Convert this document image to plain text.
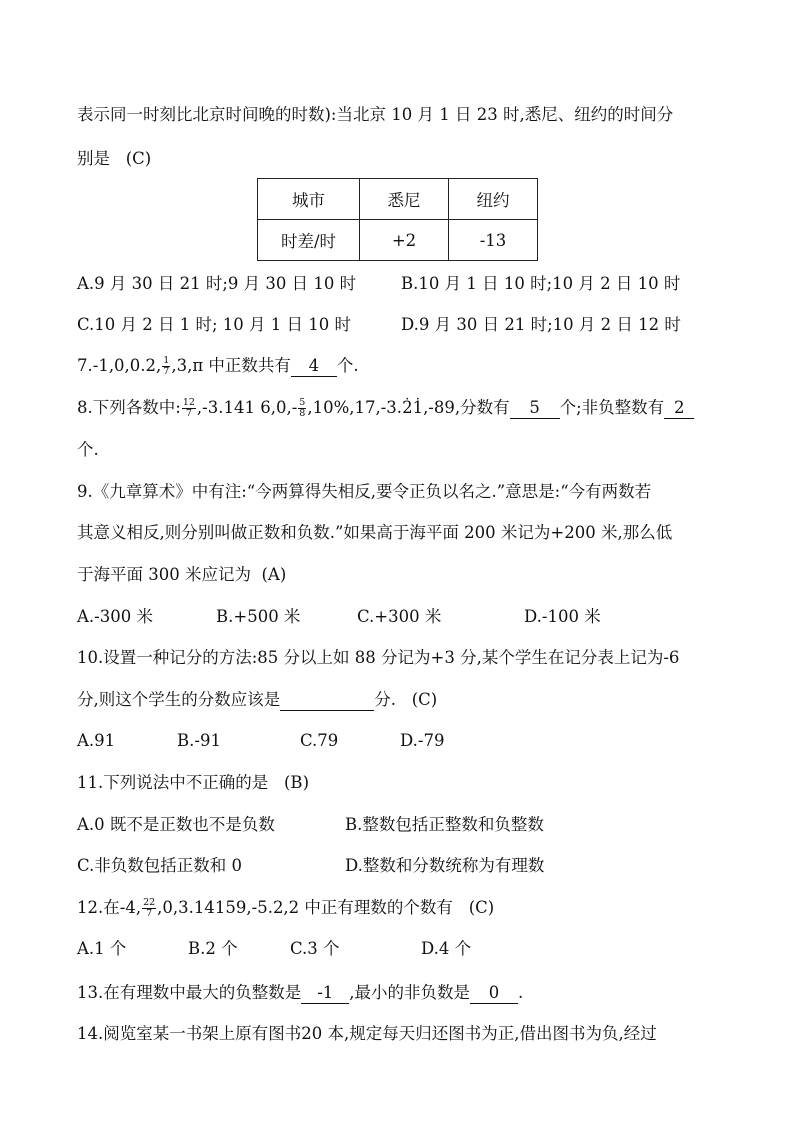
表示同一时刻比北京时间晚的时数):当北京 10 月 1 日 23 时,悉尼、纽约的时间分
别是 (C)
城市	悉尼	纽约
时差/时	+2	-13
A.9 月 30 日 21 时;9 月 30 日 10 时	B.10 月 1 日 10 时;10 月 2 日 10 时
C.10 月 2 日 1 时; 10 月 1 日 10 时	D.9 月 30 日 21 时;10 月 2 日 12 时
7.-1,0,0.2, $\frac{1}{7} ,3,\pi$ 中正数共有 4 个.
8.下列各数中: $\frac{12}{7} ,-3.141$ $6,0,- \frac{5}{8} ,10\%,17,-3.\cdot 2\cdot 1,-89$,分数有 5 个;非负整数有 2
个.
9.《九章算术》中有注:“今两算得失相反,要令正负以名之.”意思是:“今有两数若
其意义相反,则分别叫做正数和负数.”如果高于海平面 200 米记为+200 米,那么低
于海平面 300 米应记为 (A)
A.-300 米	B.+500 米	C.+300 米	D.-100 米
10.设置一种记分的方法:85 分以上如 88 分记为+3 分,某个学生在记分表上记为-6
分,则这个学生的分数应该是	分. (C)
A.91	B.-91	C.79	D.-79
11.下列说法中不正确的是 (B)
A.0 既不是正数也不是负数	B.整数包括正整数和负整数
C.非负数包括正数和 0	D.整数和分数统称为有理数
12.在-4, $\frac{22}{7} ,0,3.14159,-5.2,2$ 中正有理数的个数有 (C)
A.1 个	B.2 个	C.3 个	D.4 个
13.在有理数中最大的负整数是 -1 ,最小的非负数是 0 .
14.阅览室某一书架上原有图书20 本,规定每天归还图书为正,借出图书为负,经过
